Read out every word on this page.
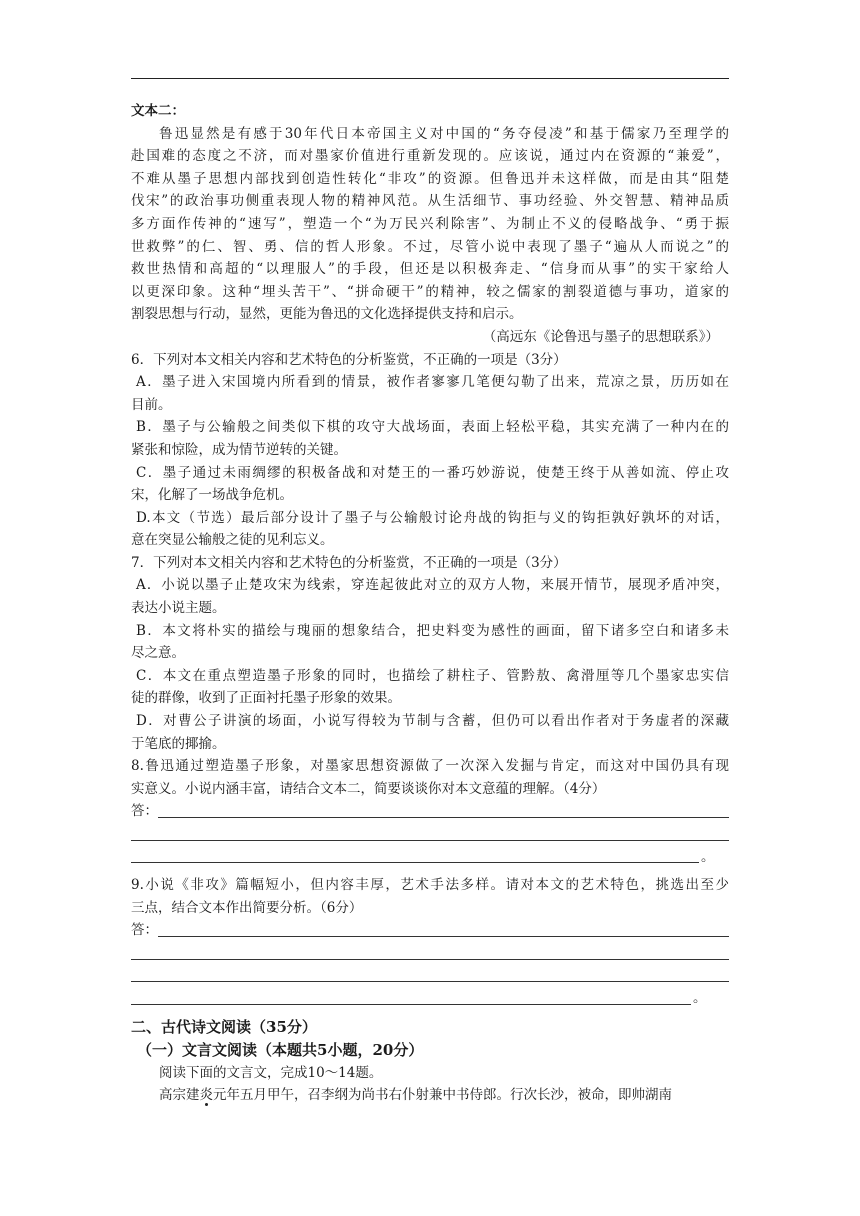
文本二：
鲁迅显然是有感于30年代日本帝国主义对中国的“务夺侵凌”和基于儒家乃至理学的
赴国难的态度之不济，而对墨家价值进行重新发现的。应该说，通过内在资源的“兼爱”，
不难从墨子思想内部找到创造性转化“非攻”的资源。但鲁迅并未这样做，而是由其“阻楚
伐宋”的政治事功侧重表现人物的精神风范。从生活细节、事功经验、外交智慧、精神品质
多方面作传神的“速写”，塑造一个“为万民兴利除害”、为制止不义的侵略战争、“勇于振
世救弊”的仁、智、勇、信的哲人形象。不过，尽管小说中表现了墨子“遍从人而说之”的
救世热情和高超的“以理服人”的手段，但还是以积极奔走、“信身而从事”的实干家给人
以更深印象。这种“埋头苦干”、“拼命硬干”的精神，较之儒家的割裂道德与事功，道家的
割裂思想与行动，显然，更能为鲁迅的文化选择提供支持和启示。
（高远东《论鲁迅与墨子的思想联系》）
6．下列对本文相关内容和艺术特色的分析鉴赏，不正确的一项是（3分）
A．墨子进入宋国境内所看到的情景，被作者寥寥几笔便勾勒了出来，荒凉之景，历历如在
目前。
B．墨子与公输般之间类似下棋的攻守大战场面，表面上轻松平稳，其实充满了一种内在的
紧张和惊险，成为情节逆转的关键。
C．墨子通过未雨绸缪的积极备战和对楚王的一番巧妙游说，使楚王终于从善如流、停止攻
宋，化解了一场战争危机。
D.本文（节选）最后部分设计了墨子与公输般讨论舟战的钩拒与义的钩拒孰好孰坏的对话，
意在突显公输般之徒的见利忘义。
7．下列对本文相关内容和艺术特色的分析鉴赏，不正确的一项是（3分）
A．小说以墨子止楚攻宋为线索，穿连起彼此对立的双方人物，来展开情节，展现矛盾冲突，
表达小说主题。
B．本文将朴实的描绘与瑰丽的想象结合，把史料变为感性的画面，留下诸多空白和诸多未
尽之意。
C．本文在重点塑造墨子形象的同时，也描绘了耕柱子、管黔敖、禽滑厘等几个墨家忠实信
徒的群像，收到了正面衬托墨子形象的效果。
D．对曹公子讲演的场面，小说写得较为节制与含蓄，但仍可以看出作者对于务虚者的深藏
于笔底的揶揄。
8.鲁迅通过塑造墨子形象，对墨家思想资源做了一次深入发掘与肯定，而这对中国仍具有现
实意义。小说内涵丰富，请结合文本二，简要谈谈你对本文意蕴的理解。（4分）
答：
。
9.小说《非攻》篇幅短小，但内容丰厚，艺术手法多样。请对本文的艺术特色，挑选出至少
三点，结合文本作出简要分析。（6分）
答：
。
二、古代诗文阅读（35分）
（一）文言文阅读（本题共5小题，20分）
阅读下面的文言文，完成10～14题。
高宗建炎元年五月甲午，召李纲为尚书右仆射兼中书侍郎。行次长沙，被命，即帅湖南
